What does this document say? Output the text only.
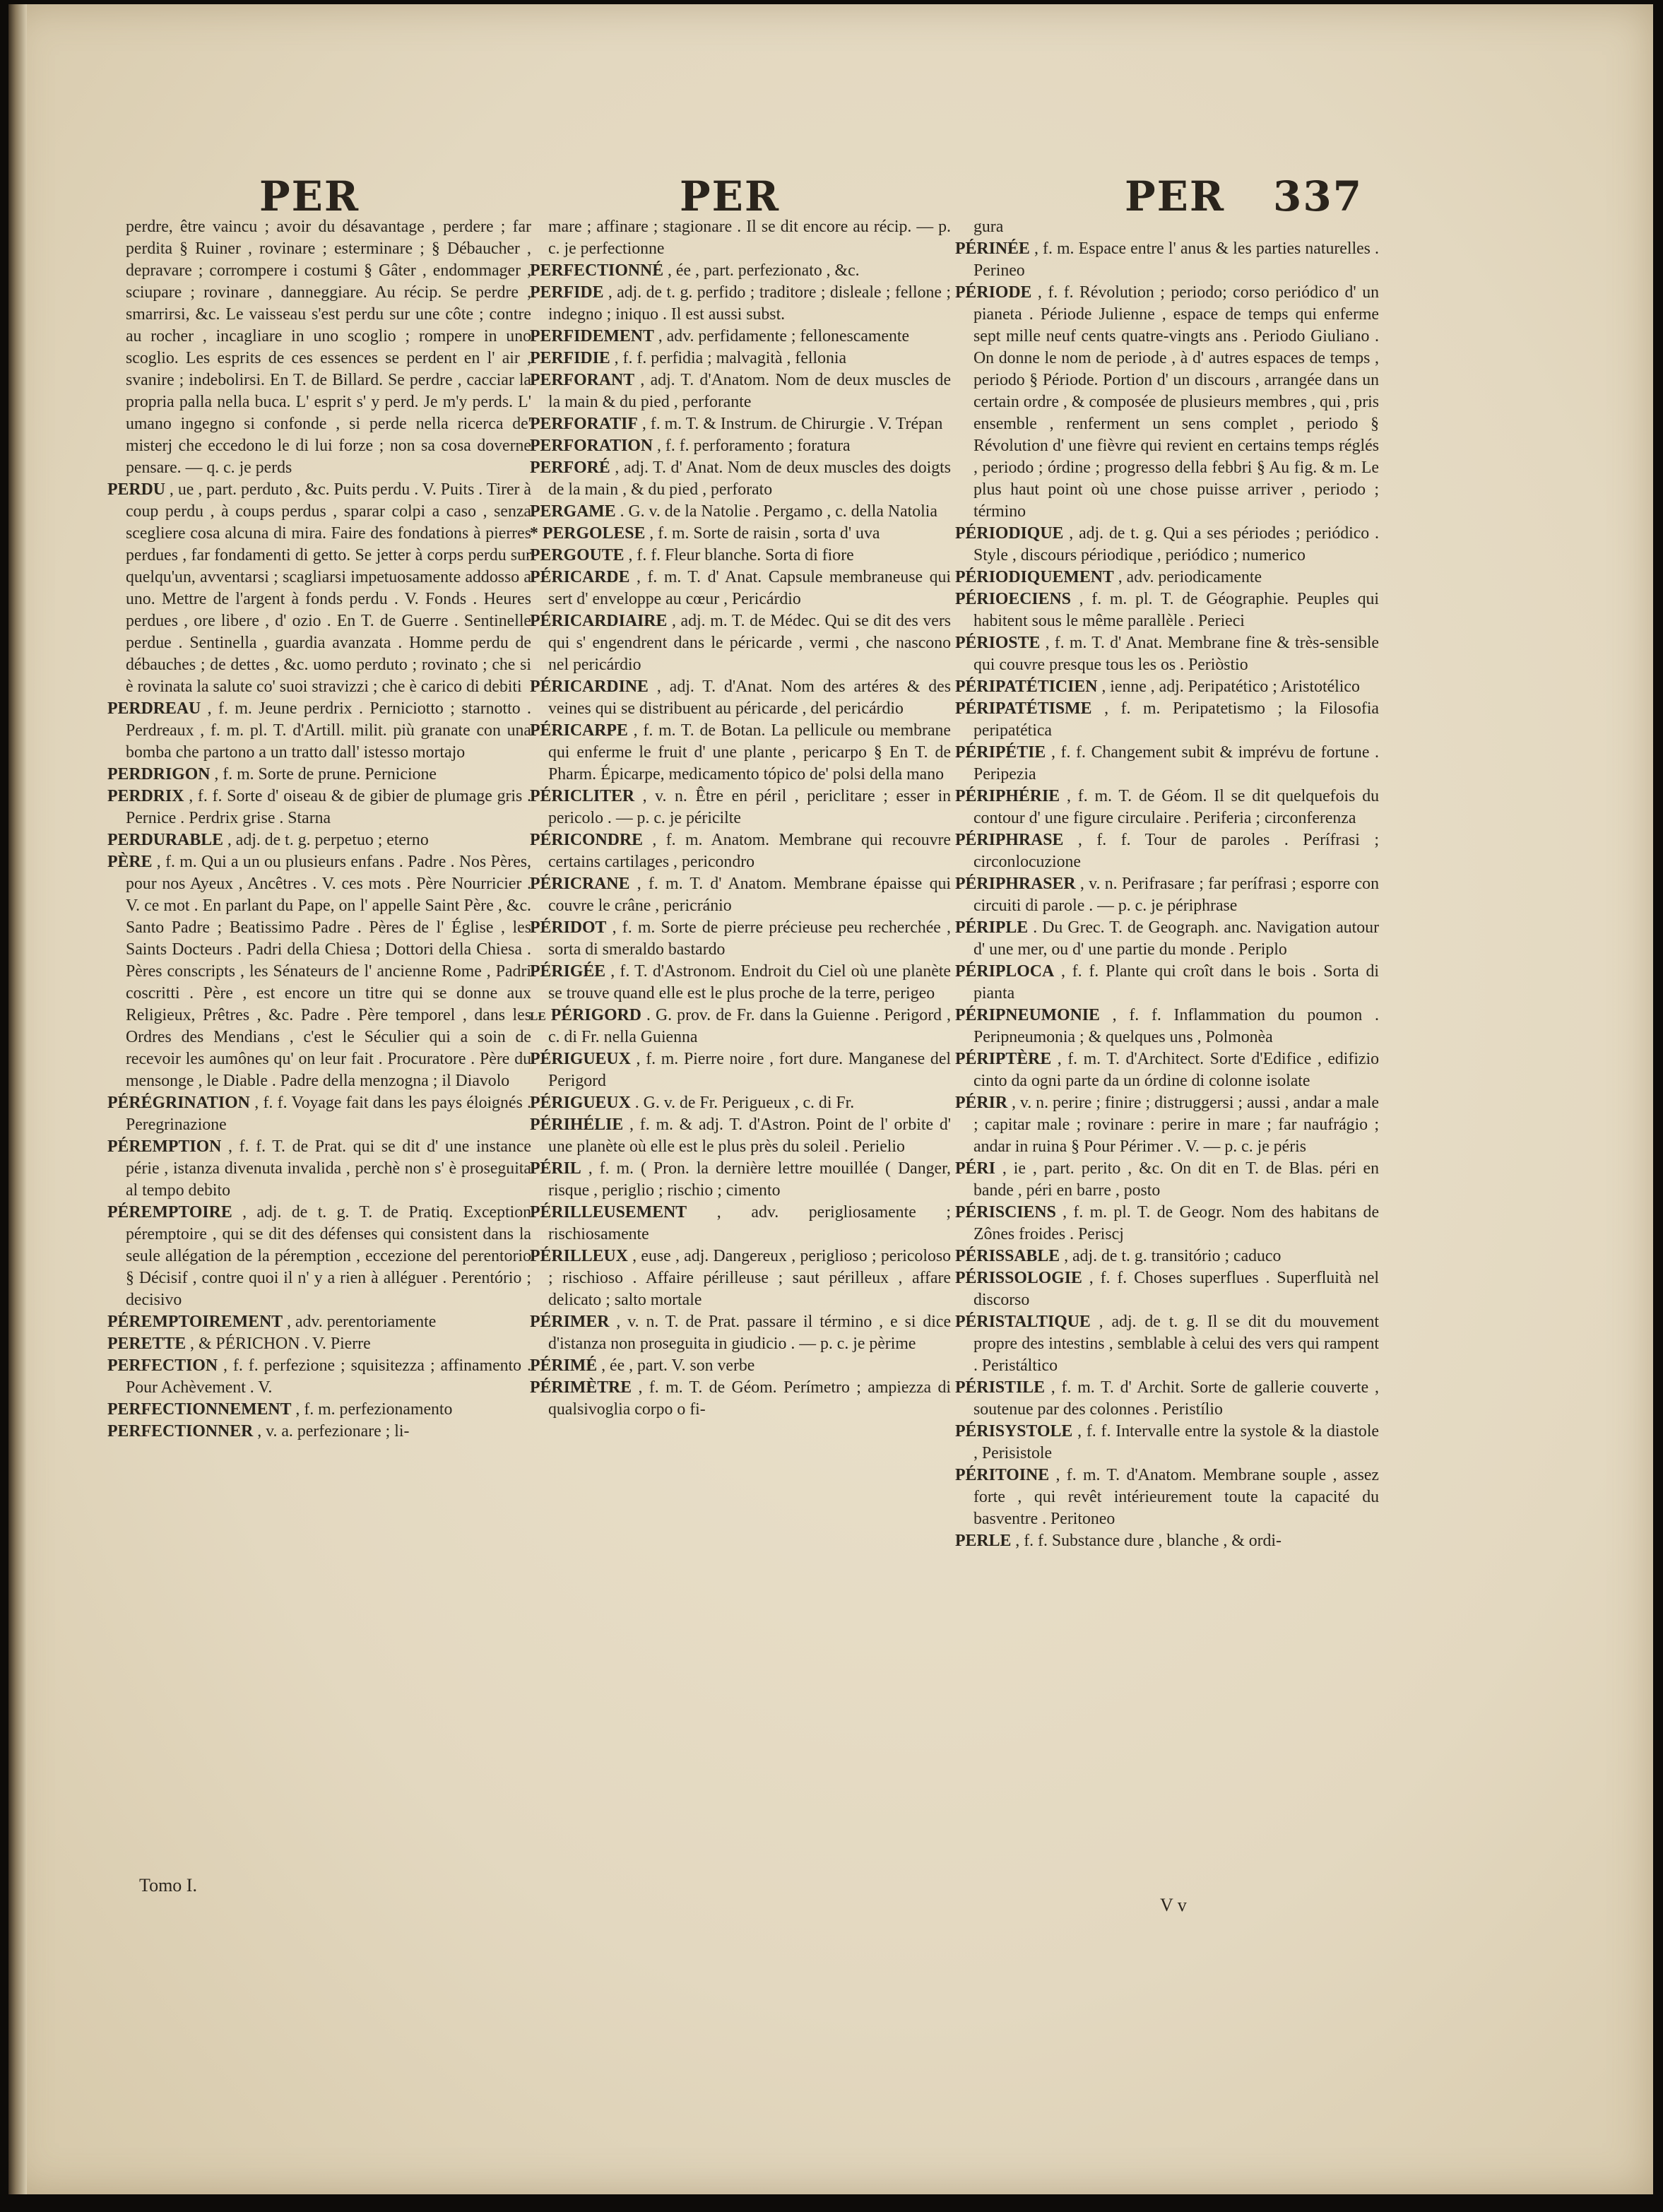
PER	PER	PER 337

perdre, être vaincu ; avoir du désavantage , perdere ; far perdita § Ruiner , rovinare ; esterminare ; § Débaucher , depravare ; corrompere i costumi § Gâter , endommager , sciupare ; rovinare , danneggiare. Au récip. Se perdre , smarrirsi, &c. Le vaisseau s'est perdu sur une côte ; contre au rocher , incagliare in uno scoglio ; rompere in uno scoglio. Les esprits de ces essences se perdent en l' air , svanire ; indebolirsi. En T. de Billard. Se perdre , cacciar la propria palla nella buca. L' esprit s' y perd. Je m'y perds. L' umano ingegno si confonde , si perde nella ricerca de' misterj che eccedono le di lui forze ; non sa cosa doverne pensare. — q. c. je perds

PERDU , ue , part. perduto , &c. Puits perdu . V. Puits . Tirer à coup perdu , à coups perdus , sparar colpi a caso , senza scegliere cosa alcuna di mira. Faire des fondations à pierres perdues , far fondamenti di getto. Se jetter à corps perdu sur quelqu'un, avventarsi ; scagliarsi impetuosamente addosso a uno. Mettre de l'argent à fonds perdu . V. Fonds . Heures perdues , ore libere , d' ozio . En T. de Guerre . Sentinelle perdue . Sentinella , guardia avanzata . Homme perdu de débauches ; de dettes , &c. uomo perduto ; rovinato ; che si è rovinata la salute co' suoi stravizzi ; che è carico di debiti

PERDREAU , f. m. Jeune perdrix . Perniciotto ; starnotto . Perdreaux , f. m. pl. T. d'Artill. milit. più granate con una bomba che partono a un tratto dall' istesso mortajo

PERDRIGON , f. m. Sorte de prune. Pernicione

PERDRIX , f. f. Sorte d' oiseau & de gibier de plumage gris . Pernice . Perdrix grise . Starna

PERDURABLE , adj. de t. g. perpetuo ; eterno

PÈRE , f. m. Qui a un ou plusieurs enfans . Padre . Nos Pères, pour nos Ayeux , Ancêtres . V. ces mots . Père Nourricier . V. ce mot . En parlant du Pape, on l' appelle Saint Père , &c. Santo Padre ; Beatissimo Padre . Pères de l' Église , les Saints Docteurs . Padri della Chiesa ; Dottori della Chiesa . Pères conscripts , les Sénateurs de l' ancienne Rome , Padri coscritti . Père , est encore un titre qui se donne aux Religieux, Prêtres , &c. Padre . Père temporel , dans les Ordres des Mendians , c'est le Séculier qui a soin de recevoir les aumônes qu' on leur fait . Procuratore . Père du mensonge , le Diable . Padre della menzogna ; il Diavolo

PÉRÉGRINATION , f. f. Voyage fait dans les pays éloignés . Peregrinazione

PÉREMPTION , f. f. T. de Prat. qui se dit d' une instance périe , istanza divenuta invalida , perchè non s' è proseguita al tempo debito

PÉREMPTOIRE , adj. de t. g. T. de Pratiq. Exception péremptoire , qui se dit des défenses qui consistent dans la seule allégation de la péremption , eccezione del perentorio § Décisif , contre quoi il n' y a rien à alléguer . Perentório ; decisivo

PÉREMPTOIREMENT , adv. perentoriamente

PERETTE , & PÉRICHON . V. Pierre

PERFECTION , f. f. perfezione ; squisitezza ; affinamento . Pour Achèvement . V.

PERFECTIONNEMENT , f. m. perfezionamento

PERFECTIONNER , v. a. perfezionare ; li-

mare ; affinare ; stagionare . Il se dit encore au récip. — p. c. je perfectionne

PERFECTIONNÉ , ée , part. perfezionato , &c.

PERFIDE , adj. de t. g. perfido ; traditore ; disleale ; fellone ; indegno ; iniquo . Il est aussi subst.

PERFIDEMENT , adv. perfidamente ; fellonescamente

PERFIDIE , f. f. perfidia ; malvagità , fellonia

PERFORANT , adj. T. d'Anatom. Nom de deux muscles de la main & du pied , perforante

PERFORATIF , f. m. T. & Instrum. de Chirurgie . V. Trépan

PERFORATION , f. f. perforamento ; foratura

PERFORÉ , adj. T. d' Anat. Nom de deux muscles des doigts de la main , & du pied , perforato

PERGAME . G. v. de la Natolie . Pergamo , c. della Natolia

* PERGOLESE , f. m. Sorte de raisin , sorta d' uva

PERGOUTE , f. f. Fleur blanche. Sorta di fiore

PÉRICARDE , f. m. T. d' Anat. Capsule membraneuse qui sert d' enveloppe au cœur , Pericárdio

PÉRICARDIAIRE , adj. m. T. de Médec. Qui se dit des vers qui s' engendrent dans le péricarde , vermi , che nascono nel pericárdio

PÉRICARDINE , adj. T. d'Anat. Nom des artéres & des veines qui se distribuent au péricarde , del pericárdio

PÉRICARPE , f. m. T. de Botan. La pellicule ou membrane qui enferme le fruit d' une plante , pericarpo § En T. de Pharm. Épicarpe, medicamento tópico de' polsi della mano

PÉRICLITER , v. n. Être en péril , periclitare ; esser in pericolo . — p. c. je péricilte

PÉRICONDRE , f. m. Anatom. Membrane qui recouvre certains cartilages , pericondro

PÉRICRANE , f. m. T. d' Anatom. Membrane épaisse qui couvre le crâne , pericránio

PÉRIDOT , f. m. Sorte de pierre précieuse peu recherchée , sorta di smeraldo bastardo

PÉRIGÉE , f. T. d'Astronom. Endroit du Ciel où une planète se trouve quand elle est le plus proche de la terre, perigeo

le PÉRIGORD . G. prov. de Fr. dans la Guienne . Perigord , c. di Fr. nella Guienna

PÉRIGUEUX , f. m. Pierre noire , fort dure. Manganese del Perigord

PÉRIGUEUX . G. v. de Fr. Perigueux , c. di Fr.

PÉRIHÉLIE , f. m. & adj. T. d'Astron. Point de l' orbite d' une planète où elle est le plus près du soleil . Perielio

PÉRIL , f. m. ( Pron. la dernière lettre mouillée ( Danger, risque , periglio ; rischio ; cimento

PÉRILLEUSEMENT , adv. perigliosamente ; rischiosamente

PÉRILLEUX , euse , adj. Dangereux , periglioso ; pericoloso ; rischioso . Affaire périlleuse ; saut périlleux , affare delicato ; salto mortale

PÉRIMER , v. n. T. de Prat. passare il término , e si dice d'istanza non proseguita in giudicio . — p. c. je pèrime

PÉRIMÉ , ée , part. V. son verbe

PÉRIMÈTRE , f. m. T. de Géom. Perímetro ; ampiezza di qualsivoglia corpo o fi-

gura

PÉRINÉE , f. m. Espace entre l' anus & les parties naturelles . Perineo

PÉRIODE , f. f. Révolution ; periodo; corso periódico d' un pianeta . Période Julienne , espace de temps qui enferme sept mille neuf cents quatre-vingts ans . Periodo Giuliano . On donne le nom de periode , à d' autres espaces de temps , periodo § Période. Portion d' un discours , arrangée dans un certain ordre , & composée de plusieurs membres , qui , pris ensemble , renferment un sens complet , periodo § Révolution d' une fièvre qui revient en certains temps réglés , periodo ; órdine ; progresso della febbri § Au fig. & m. Le plus haut point où une chose puisse arriver , periodo ; término

PÉRIODIQUE , adj. de t. g. Qui a ses périodes ; periódico . Style , discours périodique , periódico ; numerico

PÉRIODIQUEMENT , adv. periodicamente

PÉRIOECIENS , f. m. pl. T. de Géographie. Peuples qui habitent sous le même parallèle . Perieci

PÉRIOSTE , f. m. T. d' Anat. Membrane fine & très-sensible qui couvre presque tous les os . Periòstio

PÉRIPATÉTICIEN , ienne , adj. Peripatético ; Aristotélico

PÉRIPATÉTISME , f. m. Peripatetismo ; la Filosofia peripatética

PÉRIPÉTIE , f. f. Changement subit & imprévu de fortune . Peripezia

PÉRIPHÉRIE , f. m. T. de Géom. Il se dit quelquefois du contour d' une figure circulaire . Periferia ; circonferenza

PÉRIPHRASE , f. f. Tour de paroles . Perífrasi ; circonlocuzione

PÉRIPHRASER , v. n. Perifrasare ; far perífrasi ; esporre con circuiti di parole . — p. c. je périphrase

PÉRIPLE . Du Grec. T. de Geograph. anc. Navigation autour d' une mer, ou d' une partie du monde . Periplo

PÉRIPLOCA , f. f. Plante qui croît dans le bois . Sorta di pianta

PÉRIPNEUMONIE , f. f. Inflammation du poumon . Peripneumonia ; & quelques uns , Polmonèa

PÉRIPTÈRE , f. m. T. d'Architect. Sorte d'Edifice , edifizio cinto da ogni parte da un órdine di colonne isolate

PÉRIR , v. n. perire ; finire ; distruggersi ; aussi , andar a male ; capitar male ; rovinare : perire in mare ; far naufrágio ; andar in ruina § Pour Périmer . V. — p. c. je péris

PÉRI , ie , part. perito , &c. On dit en T. de Blas. péri en bande , péri en barre , posto

PÉRISCIENS , f. m. pl. T. de Geogr. Nom des habitans de Zônes froides . Periscj

PÉRISSABLE , adj. de t. g. transitório ; caduco

PÉRISSOLOGIE , f. f. Choses superflues . Superfluità nel discorso

PÉRISTALTIQUE , adj. de t. g. Il se dit du mouvement propre des intestins , semblable à celui des vers qui rampent . Peristáltico

PÉRISTILE , f. m. T. d' Archit. Sorte de gallerie couverte , soutenue par des colonnes . Peristílio

PÉRISYSTOLE , f. f. Intervalle entre la systole & la diastole , Perisistole

PÉRITOINE , f. m. T. d'Anatom. Membrane souple , assez forte , qui revêt intérieurement toute la capacité du basventre . Peritoneo

PERLE , f. f. Substance dure , blanche , & ordi-

Tomo I.
V v
